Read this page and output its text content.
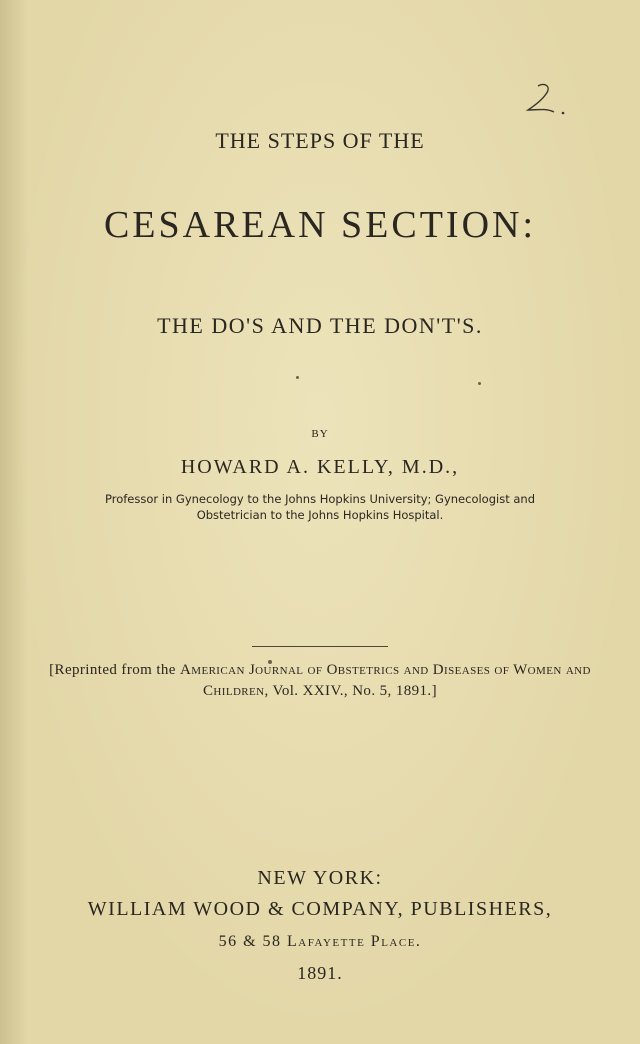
THE STEPS OF THE
CESAREAN SECTION:
THE DO'S AND THE DON'T'S.
BY
HOWARD A. KELLY, M.D.,
Professor in Gynecology to the Johns Hopkins University; Gynecologist and Obstetrician to the Johns Hopkins Hospital.
[Reprinted from the American Journal of Obstetrics and Diseases of Women and Children, Vol. XXIV., No. 5, 1891.]
NEW YORK:
WILLIAM WOOD & COMPANY, PUBLISHERS,
56 & 58 Lafayette Place.
1891.
